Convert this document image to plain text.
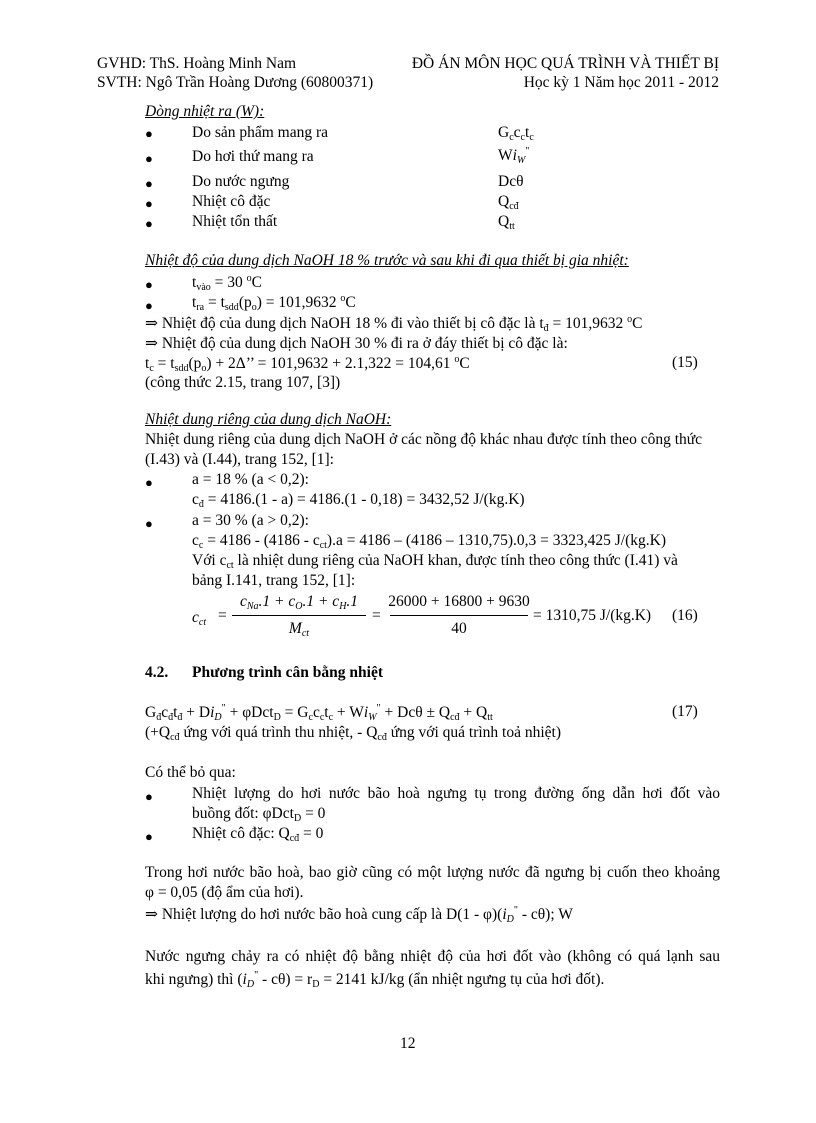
GVHD: ThS. Hoàng Minh Nam
SVTH: Ngô Trần Hoàng Dương (60800371)
ĐỒ ÁN MÔN HỌC QUÁ TRÌNH VÀ THIẾT BỊ
Học kỳ 1 Năm học 2011 - 2012
Dòng nhiệt ra (W):
●	Do sản phẩm mang ra	$G_cc_ct_c$
●	Do hơi thứ mang ra	$Wi_W^"$
●	Do nước ngưng	Dcθ
●	Nhiệt cô đặc	$Q_{cđ}$
●	Nhiệt tổn thất	$Q_{tt}$
Nhiệt độ của dung dịch NaOH 18 % trước và sau khi đi qua thiết bị gia nhiệt:
●	$t_{vào} = 30$ $^o$C
●	$t_{ra} = t_{sdd}(p_o) = 101,9632$ $^o$C
⇒ Nhiệt độ của dung dịch NaOH 18 % đi vào thiết bị cô đặc là $t_đ = 101,9632$ $^o$C
⇒ Nhiệt độ của dung dịch NaOH 30 % đi ra ở đáy thiết bị cô đặc là:
$t_c = t_{sdd}(p_o) + 2\Delta$’’ = 101,9632 + 2.1,322 = 104,61 $^o$C	(15)
(công thức 2.15, trang 107, [3])
Nhiệt dung riêng của dung dịch NaOH:
Nhiệt dung riêng của dung dịch NaOH ở các nồng độ khác nhau được tính theo công thức
(I.43) và (I.44), trang 152, [1]:
●	a = 18 % (a < 0,2):
$c_đ = 4186.(1 - a) = 4186.(1 - 0,18) = 3432,52$ J/(kg.K)
●	a = 30 % (a > 0,2):
$c_c = 4186 - (4186 - c_{ct}).a = 4186 - (4186 - 1310,75).0,3 = 3323,425$ J/(kg.K)
Với $c_{ct}$ là nhiệt dung riêng của NaOH khan, được tính theo công thức (I.41) và
bảng I.141, trang 152, [1]:
$c_{ct}$ =
$c_{Na}.1 + c_O.1 + c_H.1$
$M_{ct}$
=
26000 + 16800 + 9630
40
= 1310,75 J/(kg.K) (16)
4.2. Phương trình cân bằng nhiệt
$G_đc_đt_đ + Di_D^" + \varphi Dct_D = G_cc_ct_c + Wi_W^" + Dc\theta \pm Q_{cđ} + Q_{tt}$	(17)
($+Q_{cđ}$ ứng với quá trình thu nhiệt, - $Q_{cđ}$ ứng với quá trình toả nhiệt)
Có thể bỏ qua:
●	Nhiệt lượng do hơi nước bão hoà ngưng tụ trong đường ống dẫn hơi đốt vào
buồng đốt: φDct$_D$ = 0
●	Nhiệt cô đặc: $Q_{cđ} = 0$
Trong hơi nước bão hoà, bao giờ cũng có một lượng nước đã ngưng bị cuốn theo khoảng
φ = 0,05 (độ ẩm của hơi).
⇒ Nhiệt lượng do hơi nước bão hoà cung cấp là $D(1 - \varphi)(i_D^" - c\theta)$; W
Nước ngưng chảy ra có nhiệt độ bằng nhiệt độ của hơi đốt vào (không có quá lạnh sau
khi ngưng) thì $(i_D^" - c\theta) = r_D = 2141$ kJ/kg (ẩn nhiệt ngưng tụ của hơi đốt).
12
